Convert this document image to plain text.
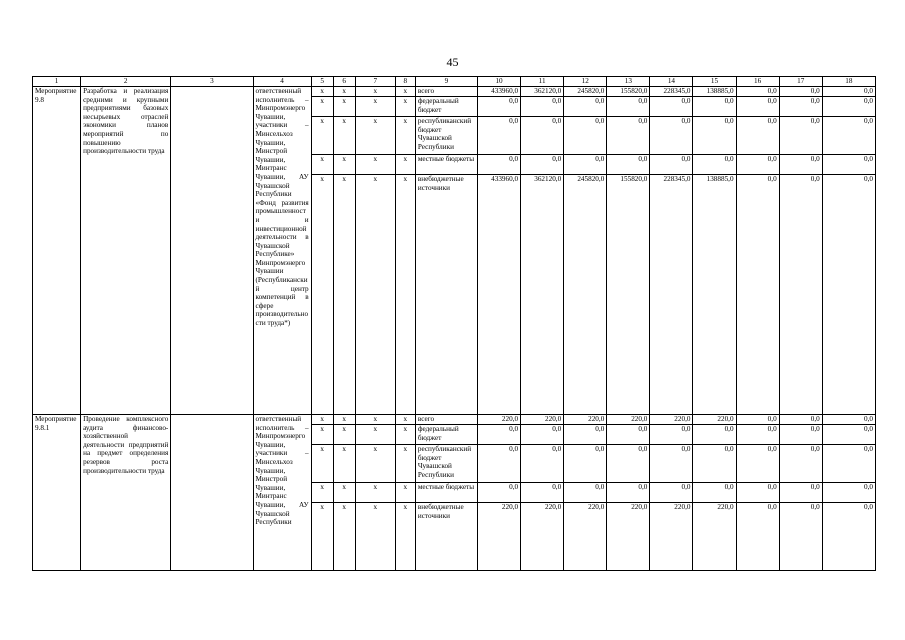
45
1	2	3	4	5	6	7	8	9	10	11	12	13	14	15	16	17	18
Мероприятие 9.8	Разработка и реализация средними и крупными предприятиями базовых несырьевых отраслей экономики планов мероприятий по повышению производительности труда		ответственный исполнитель – Минпромэнерго Чувашии, участники – Минсельхоз Чувашии, Минстрой Чувашии, Минтранс Чувашии, АУ Чувашской Республики «Фонд развития промышленности и инвестиционной деятельности в Чувашской Республике» Минпромэнерго Чувашии (Республиканский центр компетенций в сфере производительности труда*)	x	x	x	x	всего	433960,0	362120,0	245820,0	155820,0	228345,0	138885,0	0,0	0,0	0,0
				x	x	x	x	федеральный бюджет	0,0	0,0	0,0	0,0	0,0	0,0	0,0	0,0	0,0
				x	x	x	x	республиканский бюджет Чувашской Республики	0,0	0,0	0,0	0,0	0,0	0,0	0,0	0,0	0,0
				x	x	x	x	местные бюджеты	0,0	0,0	0,0	0,0	0,0	0,0	0,0	0,0	0,0
				x	x	x	x	внебюджетные источники	433960,0	362120,0	245820,0	155820,0	228345,0	138885,0	0,0	0,0	0,0
Мероприятие 9.8.1	Проведение комплексного аудита финансово-хозяйственной деятельности предприятий на предмет определения резервов роста производительности труда		ответственный исполнитель – Минпромэнерго Чувашии, участники – Минсельхоз Чувашии, Минстрой Чувашии, Минтранс Чувашии, АУ Чувашской Республики	x	x	x	x	всего	220,0	220,0	220,0	220,0	220,0	220,0	0,0	0,0	0,0
				x	x	x	x	федеральный бюджет	0,0	0,0	0,0	0,0	0,0	0,0	0,0	0,0	0,0
				x	x	x	x	республиканский бюджет Чувашской Республики	0,0	0,0	0,0	0,0	0,0	0,0	0,0	0,0	0,0
				x	x	x	x	местные бюджеты	0,0	0,0	0,0	0,0	0,0	0,0	0,0	0,0	0,0
				x	x	x	x	внебюджетные источники	220,0	220,0	220,0	220,0	220,0	220,0	0,0	0,0	0,0
